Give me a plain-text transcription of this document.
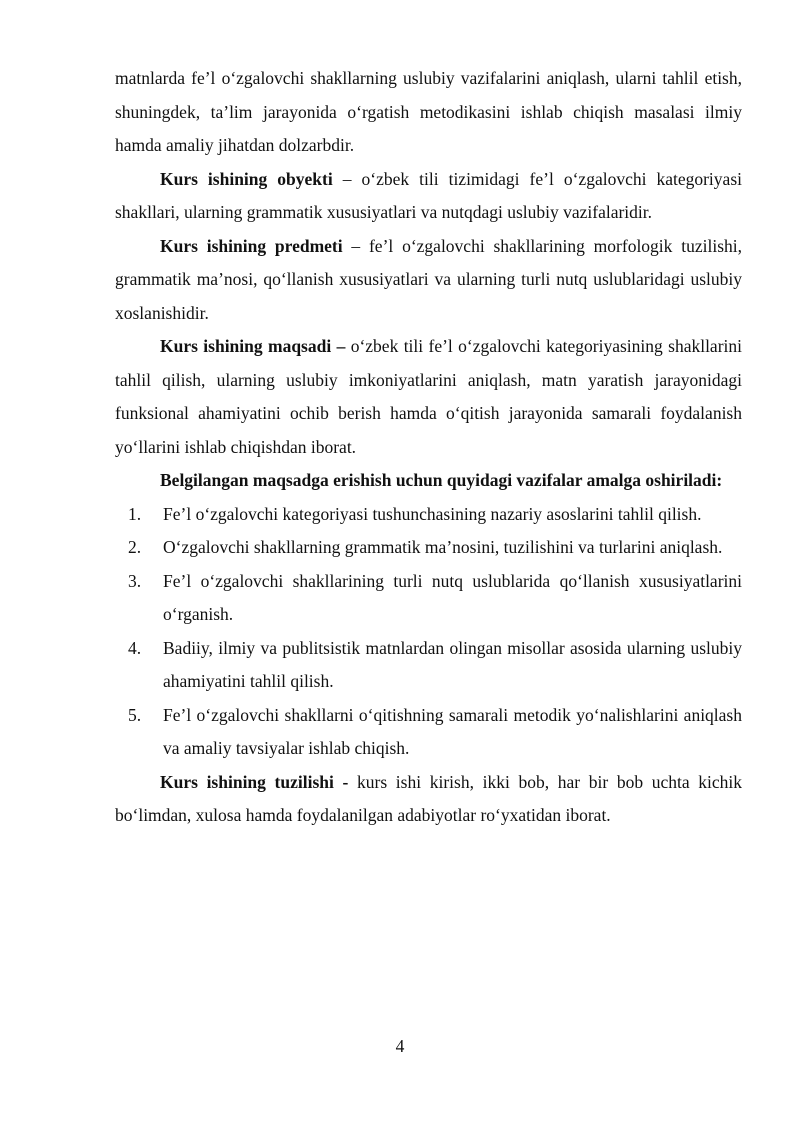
matnlarda fe’l o‘zgalovchi shakllarning uslubiy vazifalarini aniqlash, ularni tahlil etish, shuningdek, ta’lim jarayonida o‘rgatish metodikasini ishlab chiqish masalasi ilmiy hamda amaliy jihatdan dolzarbdir.

Kurs ishining obyekti – o‘zbek tili tizimidagi fe’l o‘zgalovchi kategoriyasi shakllari, ularning grammatik xususiyatlari va nutqdagi uslubiy vazifalaridir.

Kurs ishining predmeti – fe’l o‘zgalovchi shakllarining morfologik tuzilishi, grammatik ma’nosi, qo‘llanish xususiyatlari va ularning turli nutq uslublaridagi uslubiy xoslanishidir.

Kurs ishining maqsadi – o‘zbek tili fe’l o‘zgalovchi kategoriyasining shakllarini tahlil qilish, ularning uslubiy imkoniyatlarini aniqlash, matn yaratish jarayonidagi funksional ahamiyatini ochib berish hamda o‘qitish jarayonida samarali foydalanish yo‘llarini ishlab chiqishdan iborat.

Belgilangan maqsadga erishish uchun quyidagi vazifalar amalga oshiriladi:

1. Fe’l o‘zgalovchi kategoriyasi tushunchasining nazariy asoslarini tahlil qilish.
2. O‘zgalovchi shakllarning grammatik ma’nosini, tuzilishini va turlarini aniqlash.
3. Fe’l o‘zgalovchi shakllarining turli nutq uslublarida qo‘llanish xususiyatlarini o‘rganish.
4. Badiiy, ilmiy va publitsistik matnlardan olingan misollar asosida ularning uslubiy ahamiyatini tahlil qilish.
5. Fe’l o‘zgalovchi shakllarni o‘qitishning samarali metodik yo‘nalishlarini aniqlash va amaliy tavsiyalar ishlab chiqish.

Kurs ishining tuzilishi - kurs ishi kirish, ikki bob, har bir bob uchta kichik bo‘limdan, xulosa hamda foydalanilgan adabiyotlar ro‘yxatidan iborat.

4
